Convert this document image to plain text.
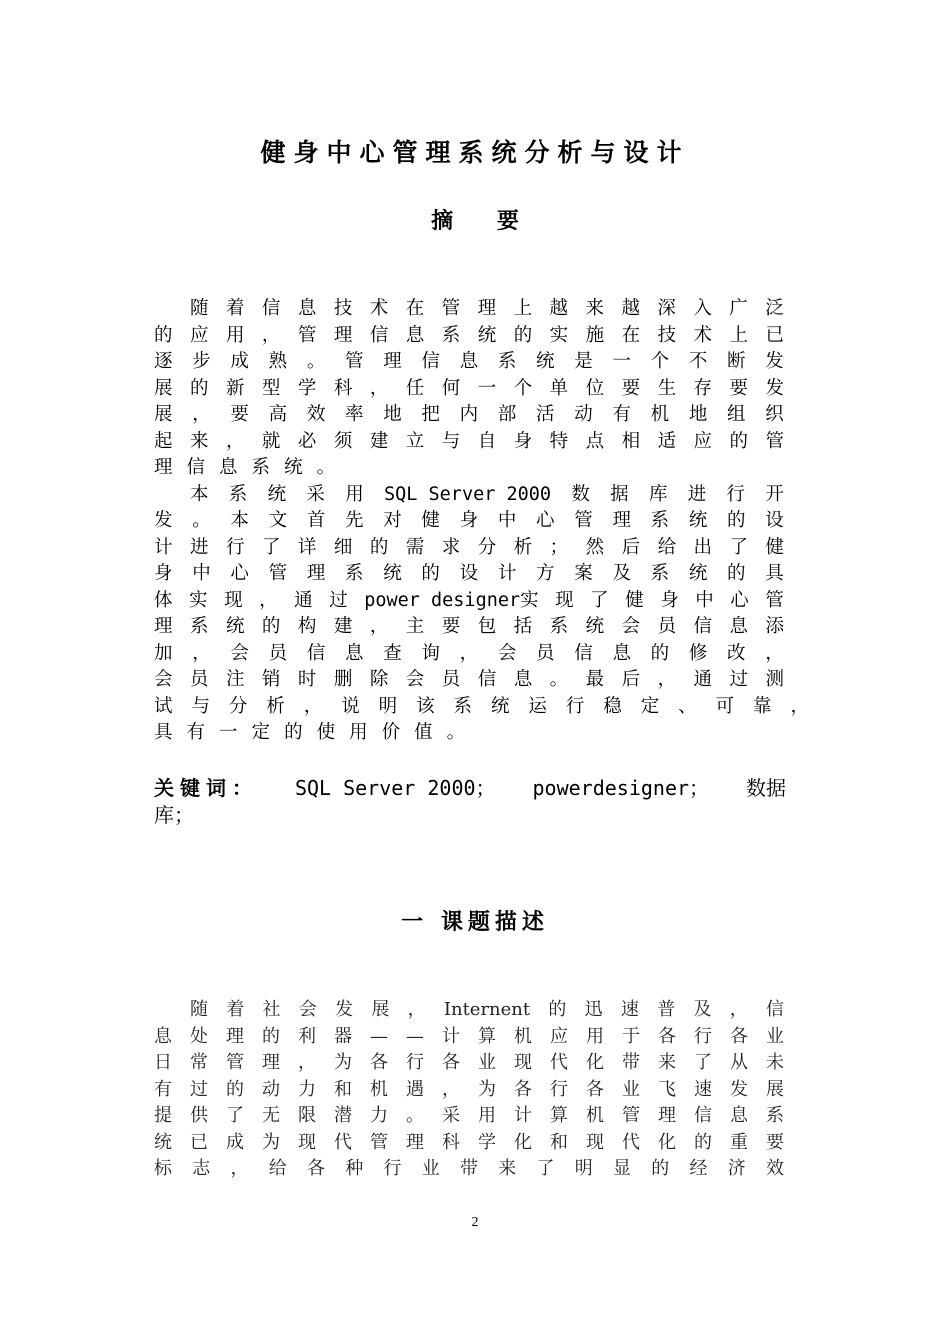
健身中心管理系统分析与设计
摘 要
随 着 信 息 技 术 在 管 理 上 越 来 越 深 入 广 泛
的 应 用 ， 管 理 信 息 系 统 的 实 施 在 技 术 上 已
逐 步 成 熟 。 管 理 信 息 系 统 是 一 个 不 断 发
展 的 新 型 学 科 ， 任 何 一 个 单 位 要 生 存 要 发
展 ， 要 高 效 率 地 把 内 部 活 动 有 机 地 组 织
起 来 ， 就 必 须 建 立 与 自 身 特 点 相 适 应 的 管
理 信 息 系 统 。
本 系 统 采 用 SQL Server 2000 数 据 库 进 行 开
发 。 本 文 首 先 对 健 身 中 心 管 理 系 统 的 设
计 进 行 了 详 细 的 需 求 分 析 ； 然 后 给 出 了 健
身 中 心 管 理 系 统 的 设 计 方 案 及 系 统 的 具
体 实 现 ， 通 过 power designer实 现 了 健 身 中 心 管
理 系 统 的 构 建 ， 主 要 包 括 系 统 会 员 信 息 添
加 ， 会 员 信 息 查 询 ， 会 员 信 息 的 修 改 ，
会 员 注 销 时 删 除 会 员 信 息 。 最 后 ， 通 过 测
试 与 分 析 ， 说 明 该 系 统 运 行 稳 定 、 可 靠 ，
具 有 一 定 的 使 用 价 值 。
关键词： SQL Server 2000； powerdesigner； 数据
库；
一 课题描述
随 着 社 会 发 展 ， Internent 的 迅 速 普 及 ， 信
息 处 理 的 利 器 — — 计 算 机 应 用 于 各 行 各 业
日 常 管 理 ， 为 各 行 各 业 现 代 化 带 来 了 从 未
有 过 的 动 力 和 机 遇 ， 为 各 行 各 业 飞 速 发 展
提 供 了 无 限 潜 力 。 采 用 计 算 机 管 理 信 息 系
统 已 成 为 现 代 管 理 科 学 化 和 现 代 化 的 重 要
标 志 ， 给 各 种 行 业 带 来 了 明 显 的 经 济 效
2
